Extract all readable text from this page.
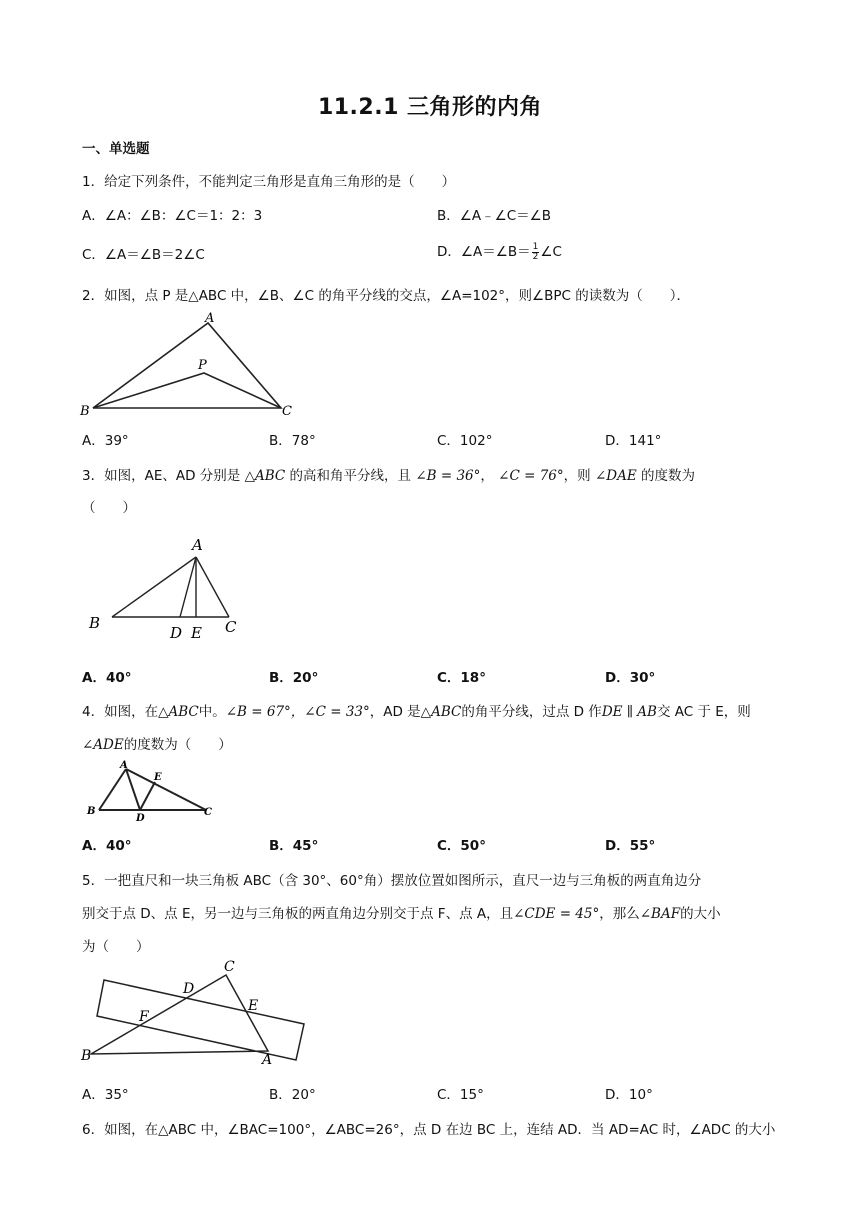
11.2.1 三角形的内角
一、单选题
1．给定下列条件，不能判定三角形是直角三角形的是（　　）
A．∠A：∠B：∠C＝1：2：3	B．∠A﹣∠C＝∠B
C．∠A＝∠B＝2∠C	D．∠A＝∠B＝ $\frac{1}{2}$ ∠C
2．如图，点 P 是△ABC 中，∠B、∠C 的角平分线的交点，∠A=102°，则∠BPC 的读数为（　　）．
A
B	C
P
A．39°	B．78°	C．102°	D．141°
3．如图，AE、AD 分别是 △ABC 的高和角平分线，且 ∠B = 36°， ∠C = 76°，则 ∠DAE 的度数为
（　　）
A
B	C
D E
A．40°	B．20°	C．18°	D．30°
4．如图，在△ABC中。∠B = 67°，∠C = 33°，AD 是△ABC的角平分线，过点 D 作DE ∥ AB交 AC 于 E，则
∠ADE的度数为（　　）
A
B	C
D
E
A．40°	B．45°	C．50°	D．55°
5．一把直尺和一块三角板 ABC（含 30°、60°角）摆放位置如图所示，直尺一边与三角板的两直角边分
别交于点 D、点 E，另一边与三角板的两直角边分别交于点 F、点 A，且∠CDE = 45°，那么∠BAF的大小
为（　　）
C
D
E
F
B	A
A．35°	B．20°	C．15°	D．10°
6．如图，在△ABC 中，∠BAC=100°，∠ABC=26°，点 D 在边 BC 上，连结 AD．当 AD=AC 时，∠ADC 的大小
